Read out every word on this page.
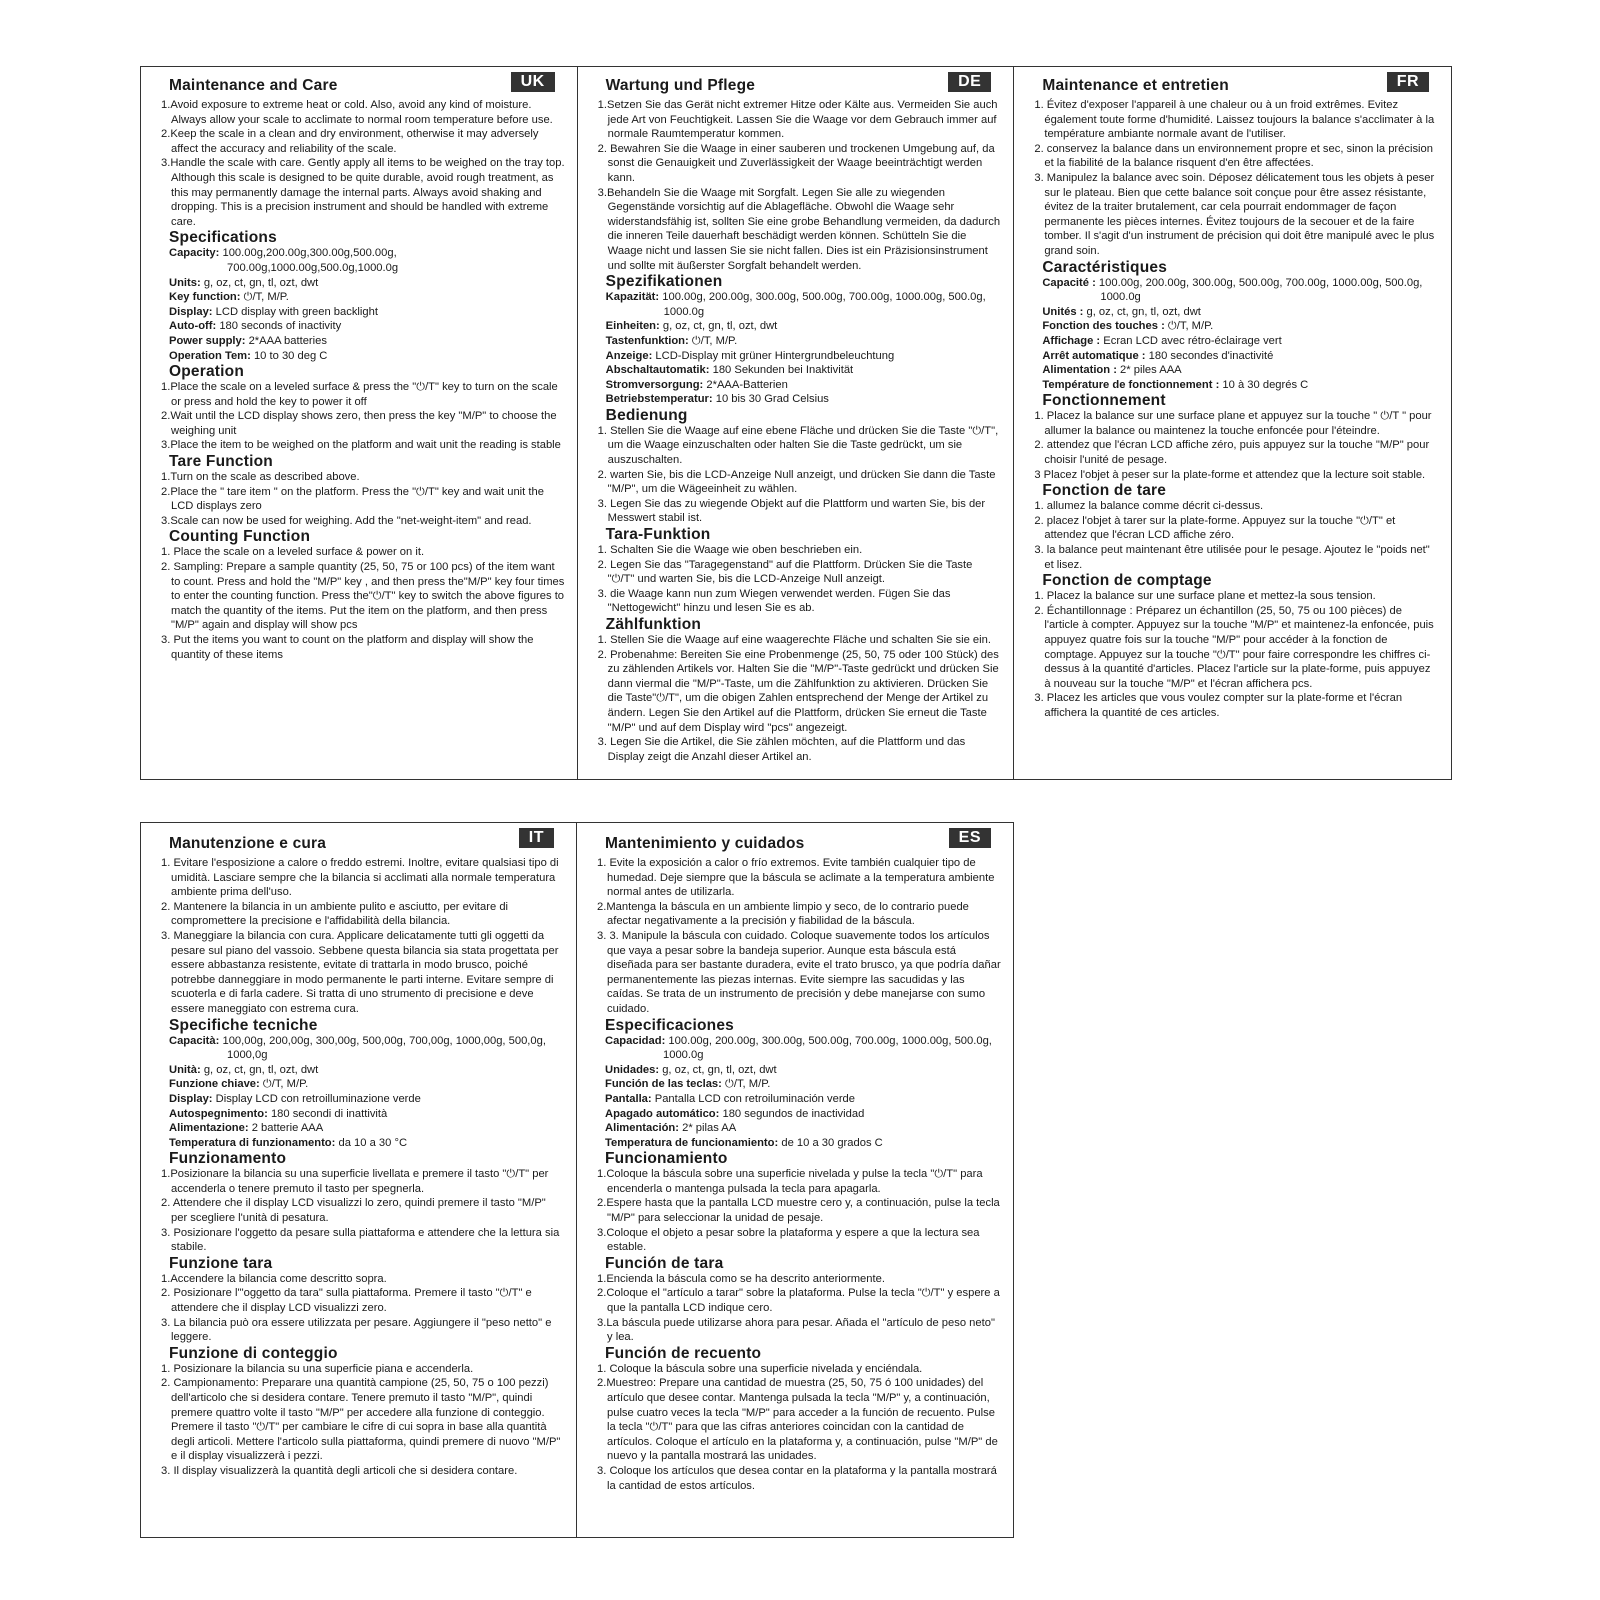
UK
Maintenance and Care
1.Avoid exposure to extreme heat or cold. Also, avoid any kind of moisture. Always allow your scale to acclimate to normal room temperature before use.
2.Keep the scale in a clean and dry environment, otherwise it may adversely affect the accuracy and reliability of the scale.
3.Handle the scale with care. Gently apply all items to be weighed on the tray top. Although this scale is designed to be quite durable, avoid rough treatment, as this may permanently damage the internal parts. Always avoid shaking and dropping. This is a precision instrument and should be handled with extreme care.
Specifications
Capacity: 100.00g,200.00g,300.00g,500.00g, 700.00g,1000.00g,500.0g,1000.0g
Units: g, oz, ct, gn, tl, ozt, dwt
Key function: ⏻/T, M/P.
Display: LCD display with green backlight
Auto-off: 180 seconds of inactivity
Power supply: 2*AAA batteries
Operation Tem: 10 to 30 deg C
Operation
1.Place the scale on a leveled surface & press the "⏻/T" key to turn on the scale or press and hold the key to power it off
2.Wait until the LCD display shows zero, then press the key "M/P" to choose the weighing unit
3.Place the item to be weighed on the platform and wait unit the reading is stable
Tare Function
1.Turn on the scale as described above.
2.Place the " tare item " on the platform. Press the "⏻/T" key and wait unit the LCD displays zero
3.Scale can now be used for weighing. Add the "net-weight-item" and read.
Counting Function
1. Place the scale on a leveled surface & power on it.
2. Sampling: Prepare a sample quantity (25, 50, 75 or 100 pcs) of the item want to count. Press and hold the "M/P" key , and then press the"M/P" key four times to enter the counting function. Press the"⏻/T" key to switch the above figures to match the quantity of the items. Put the item on the platform, and then press "M/P" again and display will show pcs
3. Put the items you want to count on the platform and display will show the quantity of these items
DE
Wartung und Pflege
1.Setzen Sie das Gerät nicht extremer Hitze oder Kälte aus. Vermeiden Sie auch jede Art von Feuchtigkeit. Lassen Sie die Waage vor dem Gebrauch immer auf normale Raumtemperatur kommen.
2. Bewahren Sie die Waage in einer sauberen und trockenen Umgebung auf, da sonst die Genauigkeit und Zuverlässigkeit der Waage beeinträchtigt werden kann.
3.Behandeln Sie die Waage mit Sorgfalt. Legen Sie alle zu wiegenden Gegenstände vorsichtig auf die Ablagefläche. Obwohl die Waage sehr widerstandsfähig ist, sollten Sie eine grobe Behandlung vermeiden, da dadurch die inneren Teile dauerhaft beschädigt werden können. Schütteln Sie die Waage nicht und lassen Sie sie nicht fallen. Dies ist ein Präzisionsinstrument und sollte mit äußerster Sorgfalt behandelt werden.
Spezifikationen
Kapazität: 100.00g, 200.00g, 300.00g, 500.00g, 700.00g, 1000.00g, 500.0g, 1000.0g
Einheiten: g, oz, ct, gn, tl, ozt, dwt
Tastenfunktion: ⏻/T, M/P.
Anzeige: LCD-Display mit grüner Hintergrundbeleuchtung
Abschaltautomatik: 180 Sekunden bei Inaktivität
Stromversorgung: 2*AAA-Batterien
Betriebstemperatur: 10 bis 30 Grad Celsius
Bedienung
1. Stellen Sie die Waage auf eine ebene Fläche und drücken Sie die Taste "⏻/T", um die Waage einzuschalten oder halten Sie die Taste gedrückt, um sie auszuschalten.
2. warten Sie, bis die LCD-Anzeige Null anzeigt, und drücken Sie dann die Taste "M/P", um die Wägeeinheit zu wählen.
3. Legen Sie das zu wiegende Objekt auf die Plattform und warten Sie, bis der Messwert stabil ist.
Tara-Funktion
1. Schalten Sie die Waage wie oben beschrieben ein.
2. Legen Sie das "Taragegenstand" auf die Plattform. Drücken Sie die Taste "⏻/T" und warten Sie, bis die LCD-Anzeige Null anzeigt.
3. die Waage kann nun zum Wiegen verwendet werden. Fügen Sie das "Nettogewicht" hinzu und lesen Sie es ab.
Zählfunktion
1. Stellen Sie die Waage auf eine waagerechte Fläche und schalten Sie sie ein.
2. Probenahme: Bereiten Sie eine Probenmenge (25, 50, 75 oder 100 Stück) des zu zählenden Artikels vor. Halten Sie die "M/P"-Taste gedrückt und drücken Sie dann viermal die "M/P"-Taste, um die Zählfunktion zu aktivieren. Drücken Sie die Taste"⏻/T", um die obigen Zahlen entsprechend der Menge der Artikel zu ändern. Legen Sie den Artikel auf die Plattform, drücken Sie erneut die Taste "M/P" und auf dem Display wird "pcs" angezeigt.
3. Legen Sie die Artikel, die Sie zählen möchten, auf die Plattform und das Display zeigt die Anzahl dieser Artikel an.
FR
Maintenance et entretien
1. Évitez d'exposer l'appareil à une chaleur ou à un froid extrêmes. Evitez également toute forme d'humidité. Laissez toujours la balance s'acclimater à la température ambiante normale avant de l'utiliser.
2. conservez la balance dans un environnement propre et sec, sinon la précision et la fiabilité de la balance risquent d'en être affectées.
3. Manipulez la balance avec soin. Déposez délicatement tous les objets à peser sur le plateau. Bien que cette balance soit conçue pour être assez résistante, évitez de la traiter brutalement, car cela pourrait endommager de façon permanente les pièces internes. Évitez toujours de la secouer et de la faire tomber. Il s'agit d'un instrument de précision qui doit être manipulé avec le plus grand soin.
Caractéristiques
Capacité : 100.00g, 200.00g, 300.00g, 500.00g, 700.00g, 1000.00g, 500.0g, 1000.0g
Unités : g, oz, ct, gn, tl, ozt, dwt
Fonction des touches : ⏻/T, M/P.
Affichage : Ecran LCD avec rétro-éclairage vert
Arrêt automatique : 180 secondes d'inactivité
Alimentation : 2* piles AAA
Température de fonctionnement : 10 à 30 degrés C
Fonctionnement
1. Placez la balance sur une surface plane et appuyez sur la touche " ⏻/T " pour allumer la balance ou maintenez la touche enfoncée pour l'éteindre.
2. attendez que l'écran LCD affiche zéro, puis appuyez sur la touche "M/P" pour choisir l'unité de pesage.
3 Placez l'objet à peser sur la plate-forme et attendez que la lecture soit stable.
Fonction de tare
1. allumez la balance comme décrit ci-dessus.
2. placez l'objet à tarer sur la plate-forme. Appuyez sur la touche "⏻/T" et attendez que l'écran LCD affiche zéro.
3. la balance peut maintenant être utilisée pour le pesage. Ajoutez le "poids net" et lisez.
Fonction de comptage
1. Placez la balance sur une surface plane et mettez-la sous tension.
2. Échantillonnage : Préparez un échantillon (25, 50, 75 ou 100 pièces) de l'article à compter. Appuyez sur la touche "M/P" et maintenez-la enfoncée, puis appuyez quatre fois sur la touche "M/P" pour accéder à la fonction de comptage. Appuyez sur la touche "⏻/T" pour faire correspondre les chiffres ci-dessus à la quantité d'articles. Placez l'article sur la plate-forme, puis appuyez à nouveau sur la touche "M/P" et l'écran affichera pcs.
3. Placez les articles que vous voulez compter sur la plate-forme et l'écran affichera la quantité de ces articles.
IT
Manutenzione e cura
1. Evitare l'esposizione a calore o freddo estremi. Inoltre, evitare qualsiasi tipo di umidità. Lasciare sempre che la bilancia si acclimati alla normale temperatura ambiente prima dell'uso.
2. Mantenere la bilancia in un ambiente pulito e asciutto, per evitare di compromettere la precisione e l'affidabilità della bilancia.
3. Maneggiare la bilancia con cura. Applicare delicatamente tutti gli oggetti da pesare sul piano del vassoio. Sebbene questa bilancia sia stata progettata per essere abbastanza resistente, evitate di trattarla in modo brusco, poiché potrebbe danneggiare in modo permanente le parti interne. Evitare sempre di scuoterla e di farla cadere. Si tratta di uno strumento di precisione e deve essere maneggiato con estrema cura.
Specifiche tecniche
Capacità: 100,00g, 200,00g, 300,00g, 500,00g, 700,00g, 1000,00g, 500,0g, 1000,0g
Unità: g, oz, ct, gn, tl, ozt, dwt
Funzione chiave: ⏻/T, M/P.
Display: Display LCD con retroilluminazione verde
Autospegnimento: 180 secondi di inattività
Alimentazione: 2 batterie AAA
Temperatura di funzionamento: da 10 a 30 °C
Funzionamento
1.Posizionare la bilancia su una superficie livellata e premere il tasto "⏻/T" per accenderla o tenere premuto il tasto per spegnerla.
2. Attendere che il display LCD visualizzi lo zero, quindi premere il tasto "M/P" per scegliere l'unità di pesatura.
3. Posizionare l'oggetto da pesare sulla piattaforma e attendere che la lettura sia stabile.
Funzione tara
1.Accendere la bilancia come descritto sopra.
2. Posizionare l'"oggetto da tara" sulla piattaforma. Premere il tasto "⏻/T" e attendere che il display LCD visualizzi zero.
3. La bilancia può ora essere utilizzata per pesare. Aggiungere il "peso netto" e leggere.
Funzione di conteggio
1. Posizionare la bilancia su una superficie piana e accenderla.
2. Campionamento: Preparare una quantità campione (25, 50, 75 o 100 pezzi) dell'articolo che si desidera contare. Tenere premuto il tasto "M/P", quindi premere quattro volte il tasto "M/P" per accedere alla funzione di conteggio. Premere il tasto "⏻/T" per cambiare le cifre di cui sopra in base alla quantità degli articoli. Mettere l'articolo sulla piattaforma, quindi premere di nuovo "M/P" e il display visualizzerà i pezzi.
3. Il display visualizzerà la quantità degli articoli che si desidera contare.
ES
Mantenimiento y cuidados
1. Evite la exposición a calor o frío extremos. Evite también cualquier tipo de humedad. Deje siempre que la báscula se aclimate a la temperatura ambiente normal antes de utilizarla.
2.Mantenga la báscula en un ambiente limpio y seco, de lo contrario puede afectar negativamente a la precisión y fiabilidad de la báscula.
3. 3. Manipule la báscula con cuidado. Coloque suavemente todos los artículos que vaya a pesar sobre la bandeja superior. Aunque esta báscula está diseñada para ser bastante duradera, evite el trato brusco, ya que podría dañar permanentemente las piezas internas. Evite siempre las sacudidas y las caídas. Se trata de un instrumento de precisión y debe manejarse con sumo cuidado.
Especificaciones
Capacidad: 100.00g, 200.00g, 300.00g, 500.00g, 700.00g, 1000.00g, 500.0g, 1000.0g
Unidades: g, oz, ct, gn, tl, ozt, dwt
Función de las teclas: ⏻/T, M/P.
Pantalla: Pantalla LCD con retroiluminación verde
Apagado automático: 180 segundos de inactividad
Alimentación: 2* pilas AA
Temperatura de funcionamiento: de 10 a 30 grados C
Funcionamiento
1.Coloque la báscula sobre una superficie nivelada y pulse la tecla "⏻/T" para encenderla o mantenga pulsada la tecla para apagarla.
2.Espere hasta que la pantalla LCD muestre cero y, a continuación, pulse la tecla "M/P" para seleccionar la unidad de pesaje.
3.Coloque el objeto a pesar sobre la plataforma y espere a que la lectura sea estable.
Función de tara
1.Encienda la báscula como se ha descrito anteriormente.
2.Coloque el "artículo a tarar" sobre la plataforma. Pulse la tecla "⏻/T" y espere a que la pantalla LCD indique cero.
3.La báscula puede utilizarse ahora para pesar. Añada el "artículo de peso neto" y lea.
Función de recuento
1. Coloque la báscula sobre una superficie nivelada y enciéndala.
2.Muestreo: Prepare una cantidad de muestra (25, 50, 75 ó 100 unidades) del artículo que desee contar. Mantenga pulsada la tecla "M/P" y, a continuación, pulse cuatro veces la tecla "M/P" para acceder a la función de recuento. Pulse la tecla "⏻/T" para que las cifras anteriores coincidan con la cantidad de artículos. Coloque el artículo en la plataforma y, a continuación, pulse "M/P" de nuevo y la pantalla mostrará las unidades.
3. Coloque los artículos que desea contar en la plataforma y la pantalla mostrará la cantidad de estos artículos.
